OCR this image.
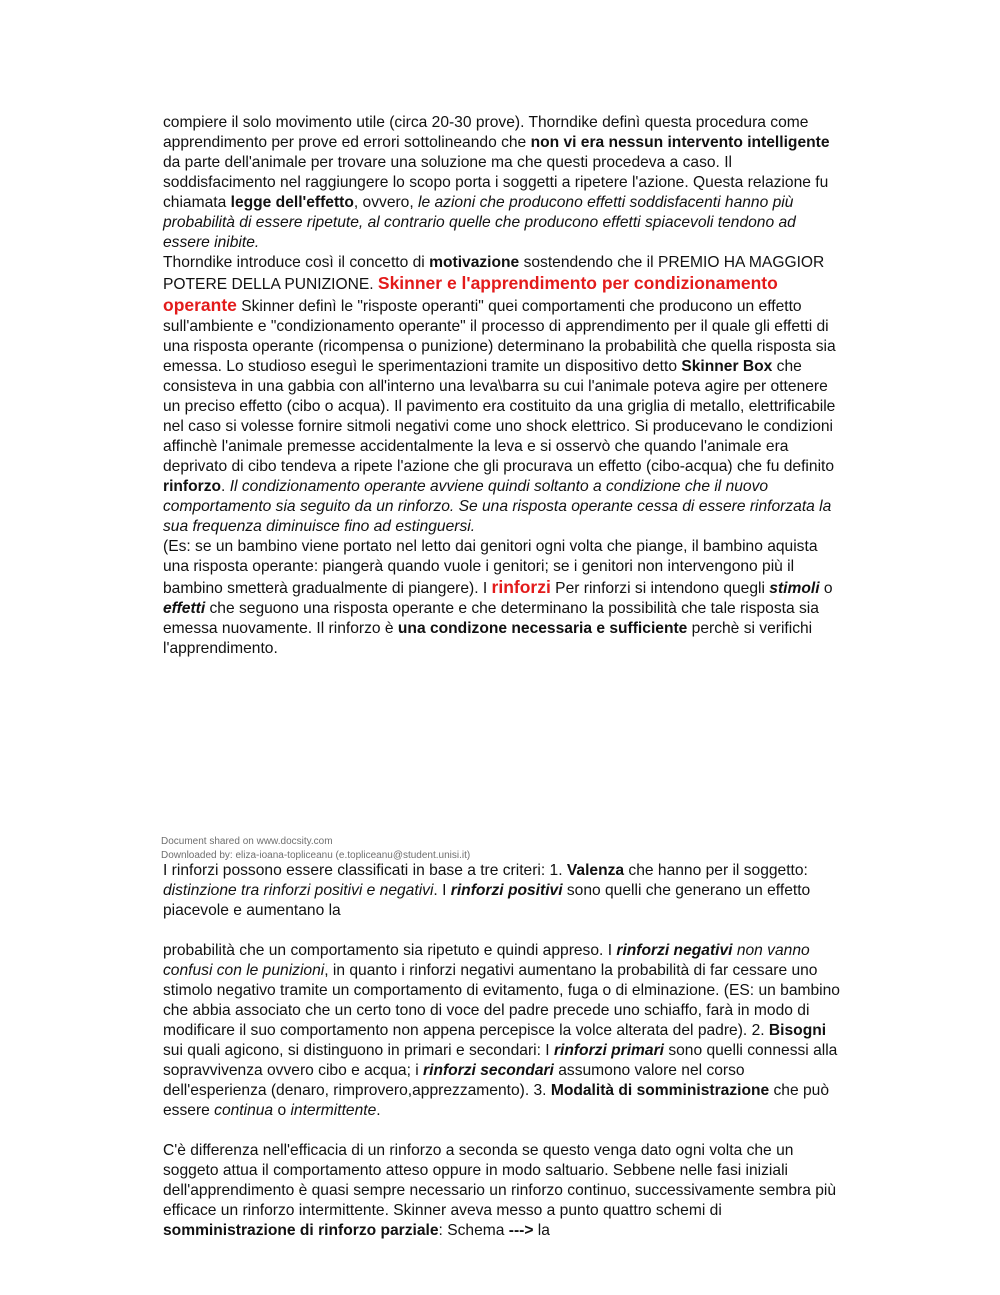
compiere il solo movimento utile (circa 20-30 prove). Thorndike definì questa procedura come apprendimento per prove ed errori sottolineando che non vi era nessun intervento intelligente da parte dell'animale per trovare una soluzione ma che questi procedeva a caso. Il soddisfacimento nel raggiungere lo scopo porta i soggetti a ripetere l'azione. Questa relazione fu chiamata legge dell'effetto, ovvero, le azioni che producono effetti soddisfacenti hanno più probabilità di essere ripetute, al contrario quelle che producono effetti spiacevoli tendono ad essere inibite.

Thorndike introduce così il concetto di motivazione sostendendo che il PREMIO HA MAGGIOR POTERE DELLA PUNIZIONE. Skinner e l'apprendimento per condizionamento operante Skinner definì le "risposte operanti" quei comportamenti che producono un effetto

sull'ambiente e "condizionamento operante" il processo di apprendimento per il quale gli effetti di una risposta operante (ricompensa o punizione) determinano la probabilità che quella risposta sia emessa. Lo studioso eseguì le sperimentazioni tramite un dispositivo detto Skinner Box che consisteva in una gabbia con all'interno una leva\barra su cui l'animale poteva agire per ottenere un preciso effetto (cibo o acqua). Il pavimento era costituito da una griglia di metallo, elettrificabile nel caso si volesse fornire sitmoli negativi come uno shock elettrico. Si producevano le condizioni affinchè l'animale premesse accidentalmente la leva e si osservò che quando l'animale era deprivato di cibo tendeva a ripete l'azione che gli procurava un effetto (cibo-acqua) che fu definito rinforzo. Il condizionamento operante avviene quindi soltanto a condizione che il nuovo comportamento sia seguito da un rinforzo. Se una risposta operante cessa di essere rinforzata la sua frequenza diminuisce fino ad estinguersi.

(Es: se un bambino viene portato nel letto dai genitori ogni volta che piange, il bambino aquista una risposta operante: piangerà quando vuole i genitori; se i genitori non intervengono più il bambino smetterà gradualmente di piangere). I rinforzi Per rinforzi si intendono quegli stimoli o effetti che seguono una risposta operante e che determinano la possibilità che tale risposta sia emessa nuovamente. Il rinforzo è una condizone necessaria e sufficiente perchè si verifichi l'apprendimento.

Document shared on www.docsity.com
Downloaded by: eliza-ioana-topliceanu (e.topliceanu@student.unisi.it)

I rinforzi possono essere classificati in base a tre criteri: 1. Valenza che hanno per il soggetto: distinzione tra rinforzi positivi e negativi. I rinforzi positivi sono quelli che generano un effetto piacevole e aumentano la

probabilità che un comportamento sia ripetuto e quindi appreso. I rinforzi negativi non vanno confusi con le punizioni, in quanto i rinforzi negativi aumentano la probabilità di far cessare uno stimolo negativo tramite un comportamento di evitamento, fuga o di elminazione. (ES: un bambino che abbia associato che un certo tono di voce del padre precede uno schiaffo, farà in modo di modificare il suo comportamento non appena percepisce la volce alterata del padre). 2. Bisogni sui quali agicono, si distinguono in primari e secondari: I rinforzi primari sono quelli connessi alla sopravvivenza ovvero cibo e acqua; i rinforzi secondari assumono valore nel corso dell'esperienza (denaro, rimprovero,apprezzamento). 3. Modalità di somministrazione che può essere continua o intermittente.

C'è differenza nell'efficacia di un rinforzo a seconda se questo venga dato ogni volta che un soggeto attua il comportamento atteso oppure in modo saltuario. Sebbene nelle fasi iniziali dell'apprendimento è quasi sempre necessario un rinforzo continuo, successivamente sembra più efficace un rinforzo intermittente. Skinner aveva messo a punto quattro schemi di somministrazione di rinforzo parziale: Schema ---> la
